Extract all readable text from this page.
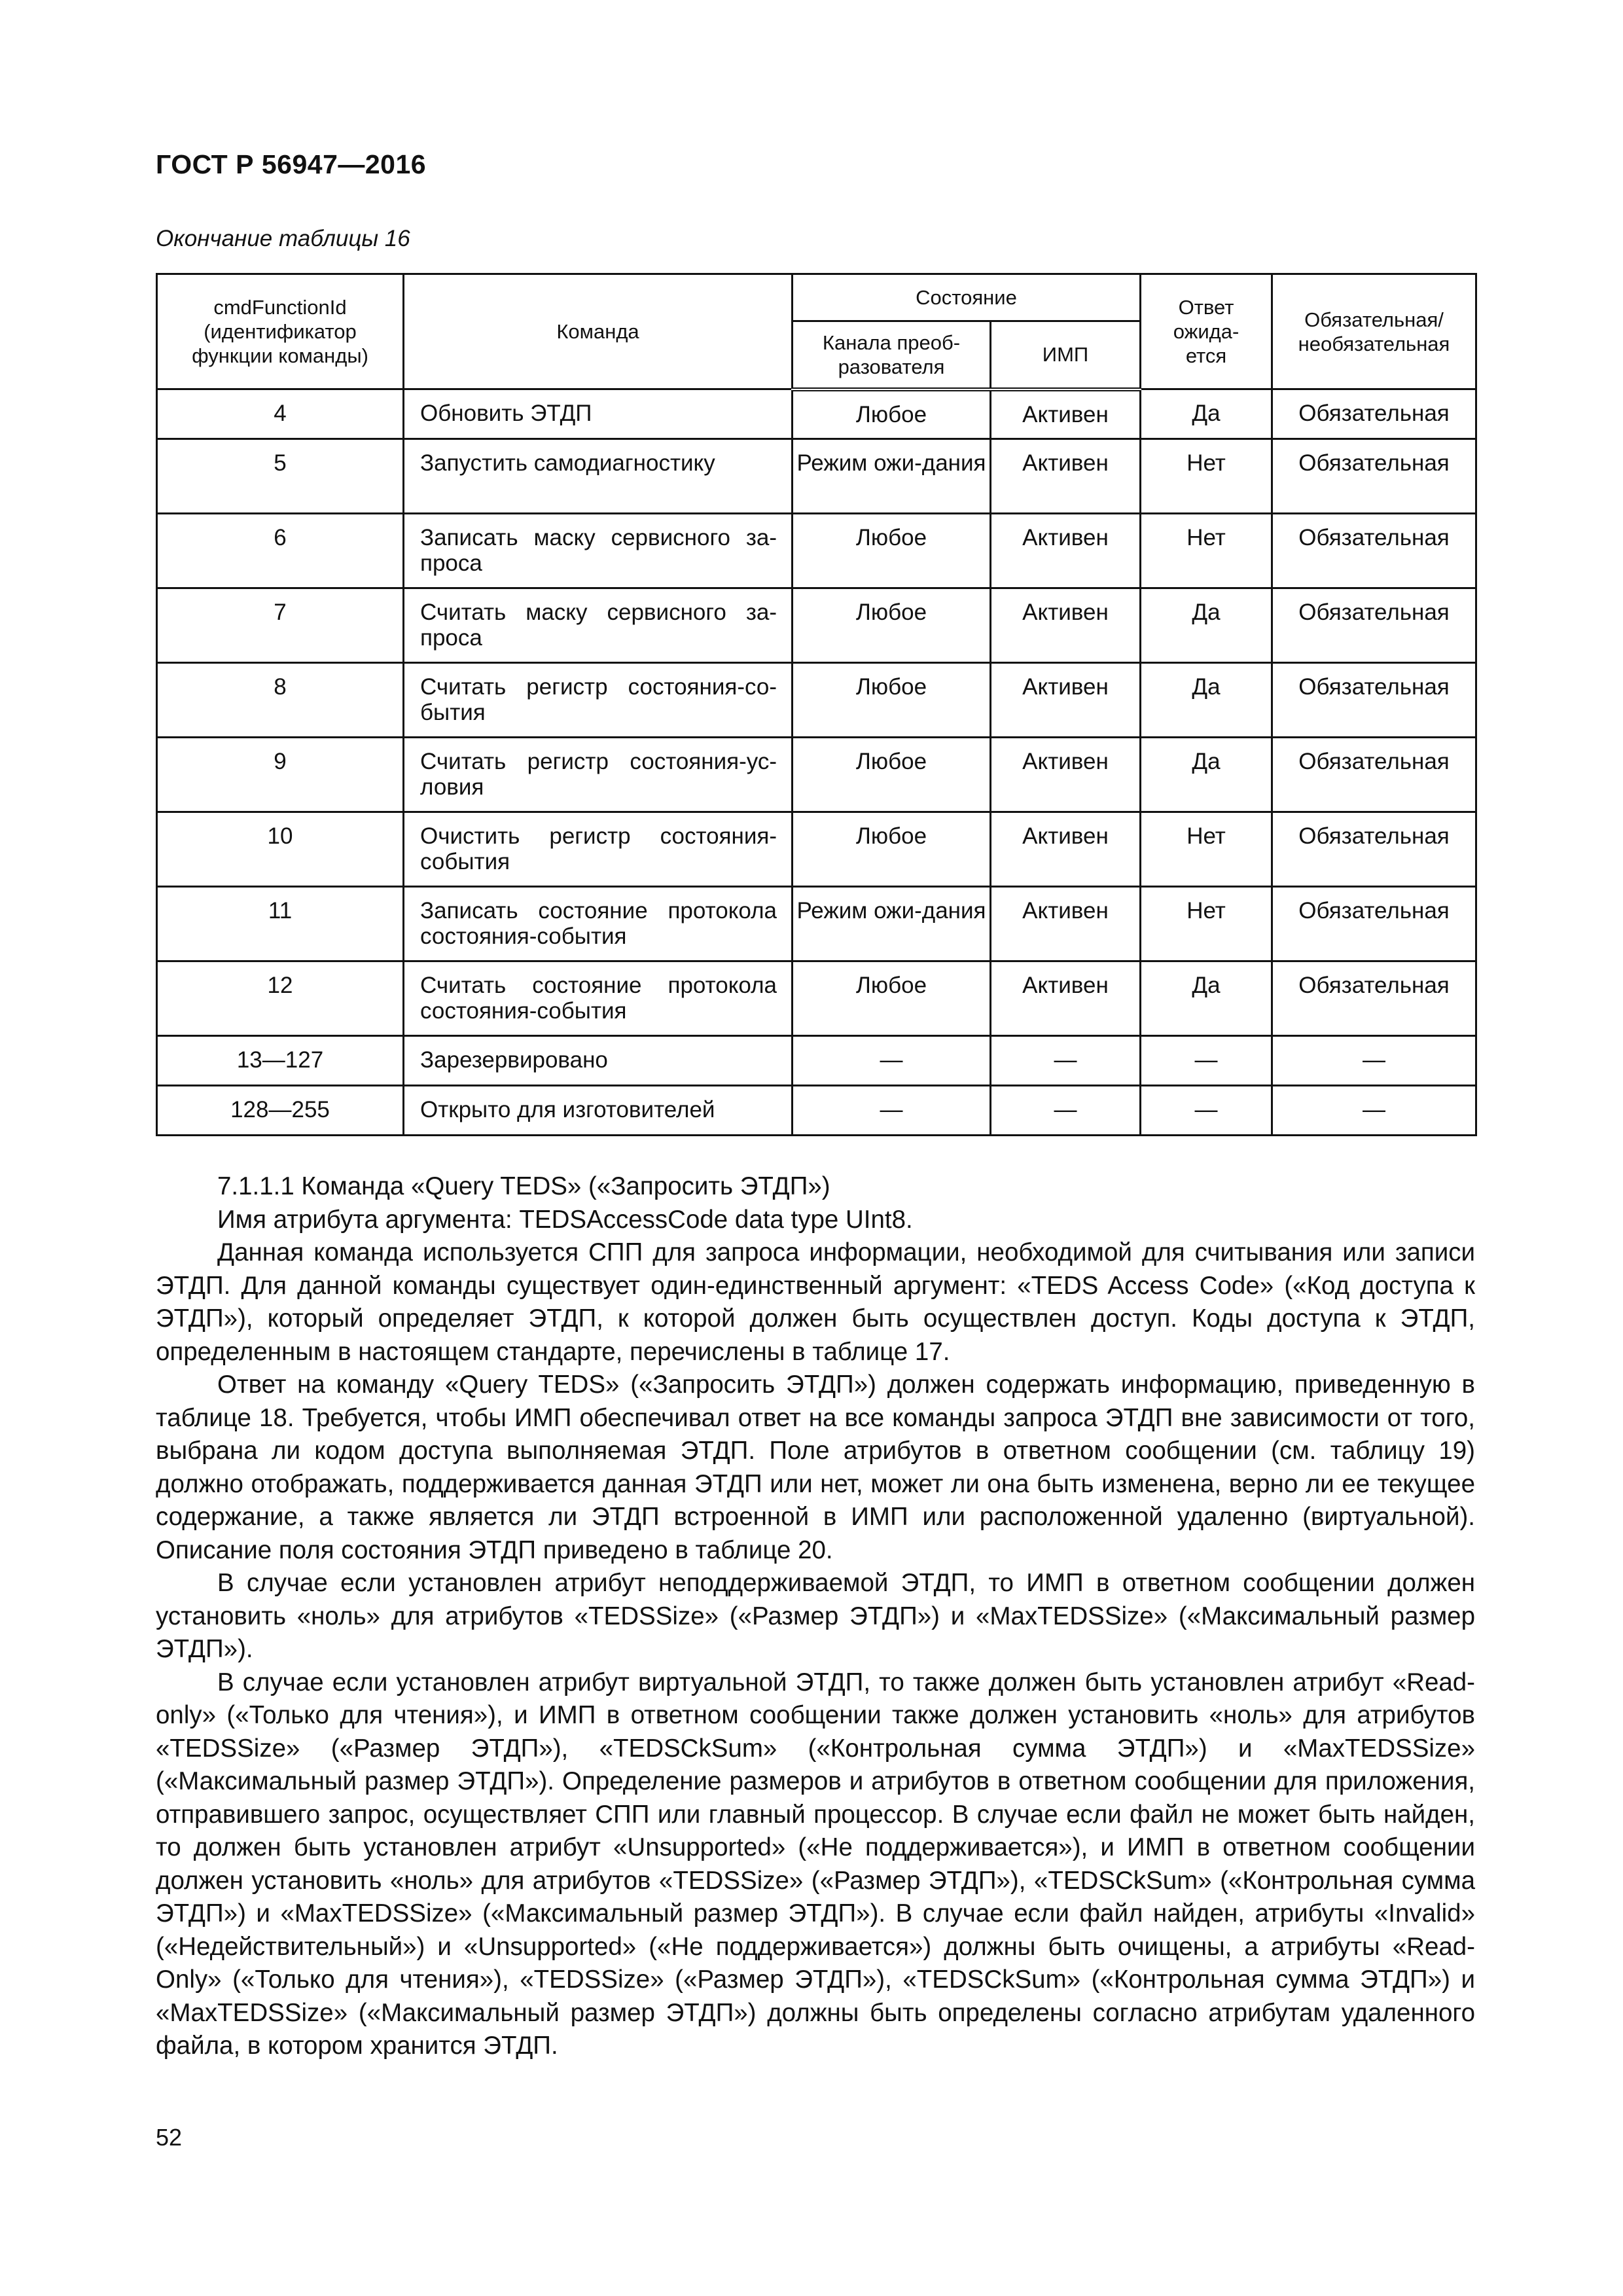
ГОСТ Р 56947—2016
Окончание таблицы 16
cmdFunctionId (идентификатор функции команды)	Команда	Состояние		Ответ ожида-ется	Обязательная/ необязательная
		Канала преоб-разователя	ИМП		
4	Обновить ЭТДП	Любое	Активен	Да	Обязательная
5	Запустить самодиагностику	Режим ожи-дания	Активен	Нет	Обязательная
6	Записать маску сервисного за-проса	Любое	Активен	Нет	Обязательная
7	Считать маску сервисного за-проса	Любое	Активен	Да	Обязательная
8	Считать регистр состояния-со-бытия	Любое	Активен	Да	Обязательная
9	Считать регистр состояния-ус-ловия	Любое	Активен	Да	Обязательная
10	Очистить регистр состояния-события	Любое	Активен	Нет	Обязательная
11	Записать состояние протокола состояния-события	Режим ожи-дания	Активен	Нет	Обязательная
12	Считать состояние протокола состояния-события	Любое	Активен	Да	Обязательная
13—127	Зарезервировано	—	—	—	—
128—255	Открыто для изготовителей	—	—	—	—

7.1.1.1 Команда «Query TEDS» («Запросить ЭТДП»)

Имя атрибута аргумента: TEDSAccessCode data type UInt8.

Данная команда используется СПП для запроса информации, необходимой для считывания или записи ЭТДП. Для данной команды существует один-единственный аргумент: «TEDS Access Code» («Код доступа к ЭТДП»), который определяет ЭТДП, к которой должен быть осуществлен доступ. Коды доступа к ЭТДП, определенным в настоящем стандарте, перечислены в таблице 17.

Ответ на команду «Query TEDS» («Запросить ЭТДП») должен содержать информацию, приведенную в таблице 18. Требуется, чтобы ИМП обеспечивал ответ на все команды запроса ЭТДП вне зависимости от того, выбрана ли кодом доступа выполняемая ЭТДП. Поле атрибутов в ответном сообщении (см. таблицу 19) должно отображать, поддерживается данная ЭТДП или нет, может ли она быть изменена, верно ли ее текущее содержание, а также является ли ЭТДП встроенной в ИМП или расположенной удаленно (виртуальной). Описание поля состояния ЭТДП приведено в таблице 20.

В случае если установлен атрибут неподдерживаемой ЭТДП, то ИМП в ответном сообщении должен установить «ноль» для атрибутов «TEDSSize» («Размер ЭТДП») и «MaxTEDSSize» («Максимальный размер ЭТДП»).

В случае если установлен атрибут виртуальной ЭТДП, то также должен быть установлен атрибут «Read-only» («Только для чтения»), и ИМП в ответном сообщении также должен установить «ноль» для атрибутов «TEDSSize» («Размер ЭТДП»), «TEDSCkSum» («Контрольная сумма ЭТДП») и «MaxTEDSSize» («Максимальный размер ЭТДП»). Определение размеров и атрибутов в ответном сообщении для приложения, отправившего запрос, осуществляет СПП или главный процессор. В случае если файл не может быть найден, то должен быть установлен атрибут «Unsupported» («Не поддерживается»), и ИМП в ответном сообщении должен установить «ноль» для атрибутов «TEDSSize» («Размер ЭТДП»), «TEDSCkSum» («Контрольная сумма ЭТДП») и «MaxTEDSSize» («Максимальный размер ЭТДП»). В случае если файл найден, атрибуты «Invalid» («Недействительный») и «Unsupported» («Не поддерживается») должны быть очищены, а атрибуты «Read-Only» («Только для чтения»), «TEDSSize» («Размер ЭТДП»), «TEDSCkSum» («Контрольная сумма ЭТДП») и «MaxTEDSSize» («Максимальный размер ЭТДП») должны быть определены согласно атрибутам удаленного файла, в котором хранится ЭТДП.

52
